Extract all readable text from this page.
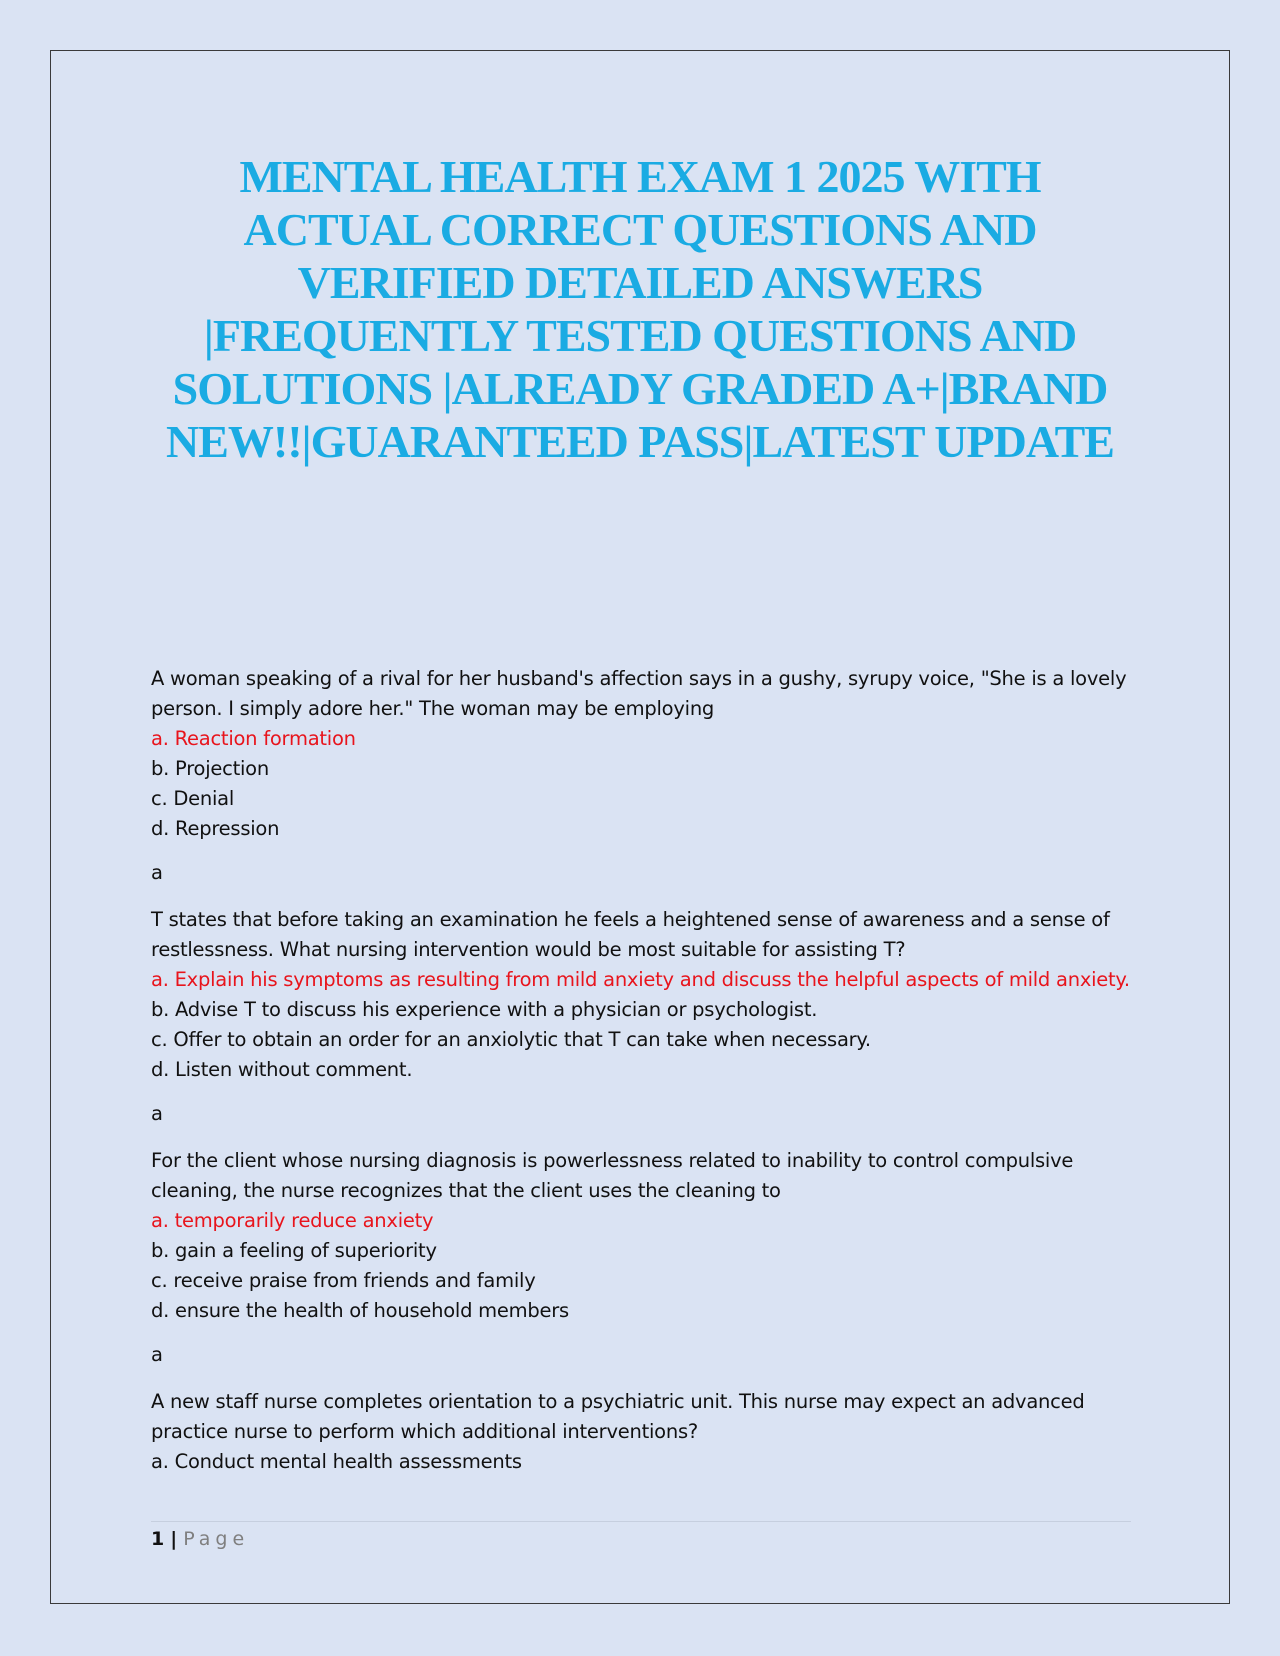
MENTAL HEALTH EXAM 1 2025 WITH
ACTUAL CORRECT QUESTIONS AND
VERIFIED DETAILED ANSWERS
|FREQUENTLY TESTED QUESTIONS AND
SOLUTIONS |ALREADY GRADED A+|BRAND
NEW!!|GUARANTEED PASS|LATEST UPDATE

A woman speaking of a rival for her husband's affection says in a gushy, syrupy voice, "She is a lovely
person. I simply adore her." The woman may be employing

a. Reaction formation

b. Projection

c. Denial

d. Repression

a

T states that before taking an examination he feels a heightened sense of awareness and a sense of
restlessness. What nursing intervention would be most suitable for assisting T?

a. Explain his symptoms as resulting from mild anxiety and discuss the helpful aspects of mild anxiety.

b. Advise T to discuss his experience with a physician or psychologist.

c. Offer to obtain an order for an anxiolytic that T can take when necessary.

d. Listen without comment.

a

For the client whose nursing diagnosis is powerlessness related to inability to control compulsive
cleaning, the nurse recognizes that the client uses the cleaning to

a. temporarily reduce anxiety

b. gain a feeling of superiority

c. receive praise from friends and family

d. ensure the health of household members

a

A new staff nurse completes orientation to a psychiatric unit. This nurse may expect an advanced
practice nurse to perform which additional interventions?

a. Conduct mental health assessments

1 | Page
